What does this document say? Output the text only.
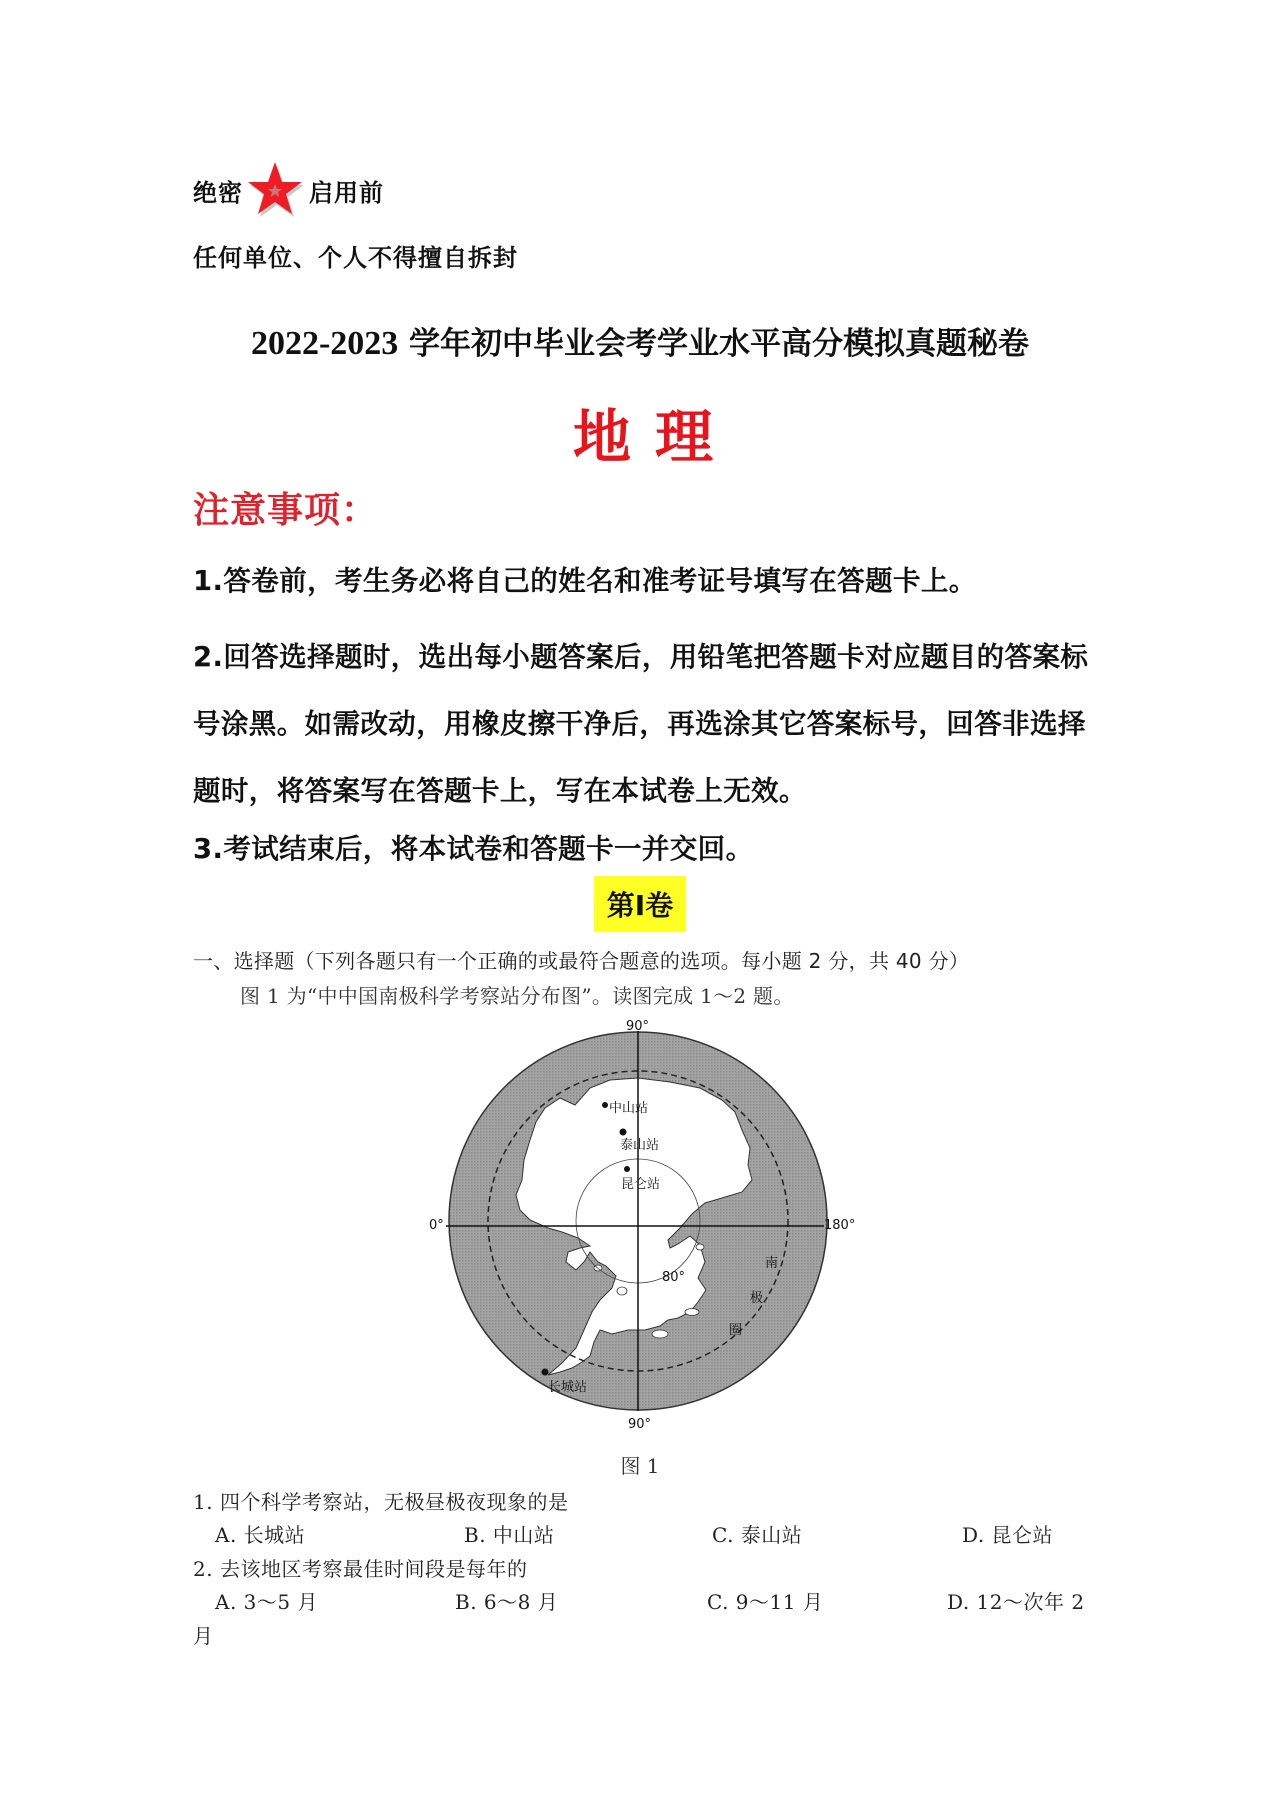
绝密	启用前
任何单位、个人不得擅自拆封
2022-2023 学年初中毕业会考学业水平高分模拟真题秘卷
地理
注意事项：
1.答卷前，考生务必将自己的姓名和准考证号填写在答题卡上。
2.回答选择题时，选出每小题答案后，用铅笔把答题卡对应题目的答案标号涂黑。如需改动，用橡皮擦干净后，再选涂其它答案标号，回答非选择题时，将答案写在答题卡上，写在本试卷上无效。
3.考试结束后，将本试卷和答题卡一并交回。
第Ⅰ卷
一、选择题（下列各题只有一个正确的或最符合题意的选项。每小题 2 分，共 40 分）
图 1 为“中中国南极科学考察站分布图”。读图完成 1～2 题。
90°
90°
0°	180°
80°
南
极
圈
中山站
泰山站
昆仑站
长城站
图 1
1. 四个科学考察站，无极昼极夜现象的是
A. 长城站	B. 中山站	C. 泰山站	D. 昆仑站
2. 去该地区考察最佳时间段是每年的
A. 3～5 月	B. 6～8 月	C. 9～11 月	D. 12～次年 2
月
